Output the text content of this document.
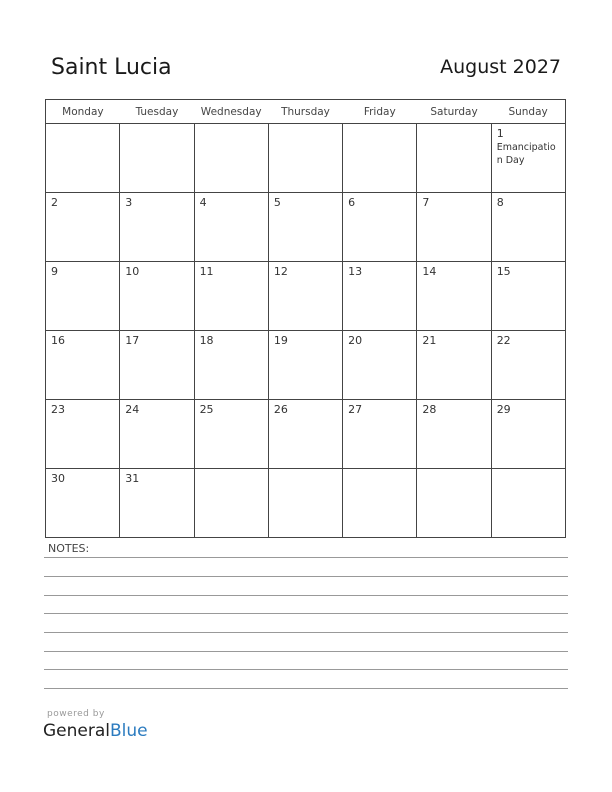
Saint Lucia	August 2027
Monday	Tuesday	Wednesday	Thursday	Friday	Saturday	Sunday

						1
Emancipation Day

2	3	4	5	6	7	8

9	10	11	12	13	14	15

16	17	18	19	20	21	22

23	24	25	26	27	28	29

30	31					

NOTES:
powered by
GeneralBlue
